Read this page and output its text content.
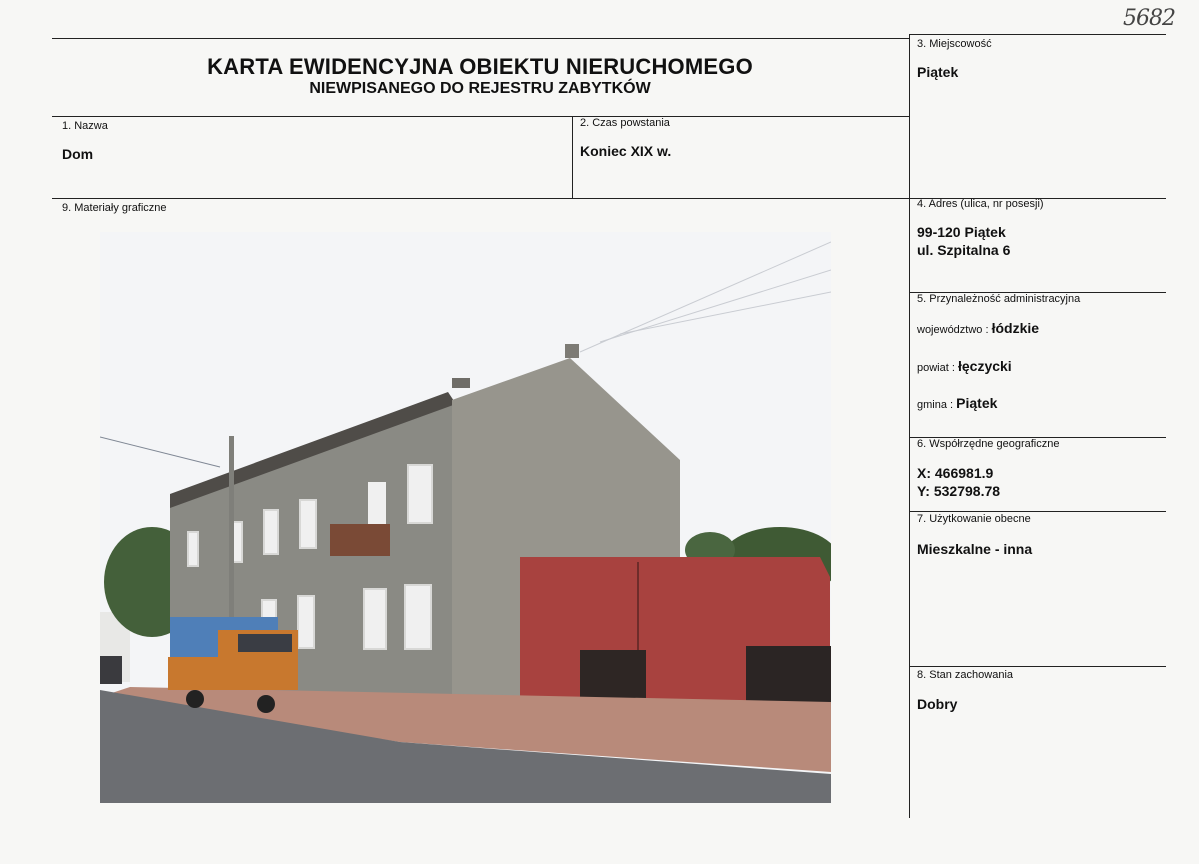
5682
KARTA EWIDENCYJNA OBIEKTU NIERUCHOMEGO
NIEWPISANEGO DO REJESTRU ZABYTKÓW
3. Miejscowość
Piątek
1. Nazwa
Dom
2. Czas powstania
Koniec XIX w.
9. Materiały graficzne	4. Adres (ulica, nr posesji)
99-120 Piątek
ul. Szpitalna 6
5. Przynależność administracyjna
województwo : łódzkie
powiat : łęczycki
gmina : Piątek
6. Współrzędne geograficzne
X: 466981.9
Y: 532798.78
7. Użytkowanie obecne
Mieszkalne - inna
8. Stan zachowania
Dobry
